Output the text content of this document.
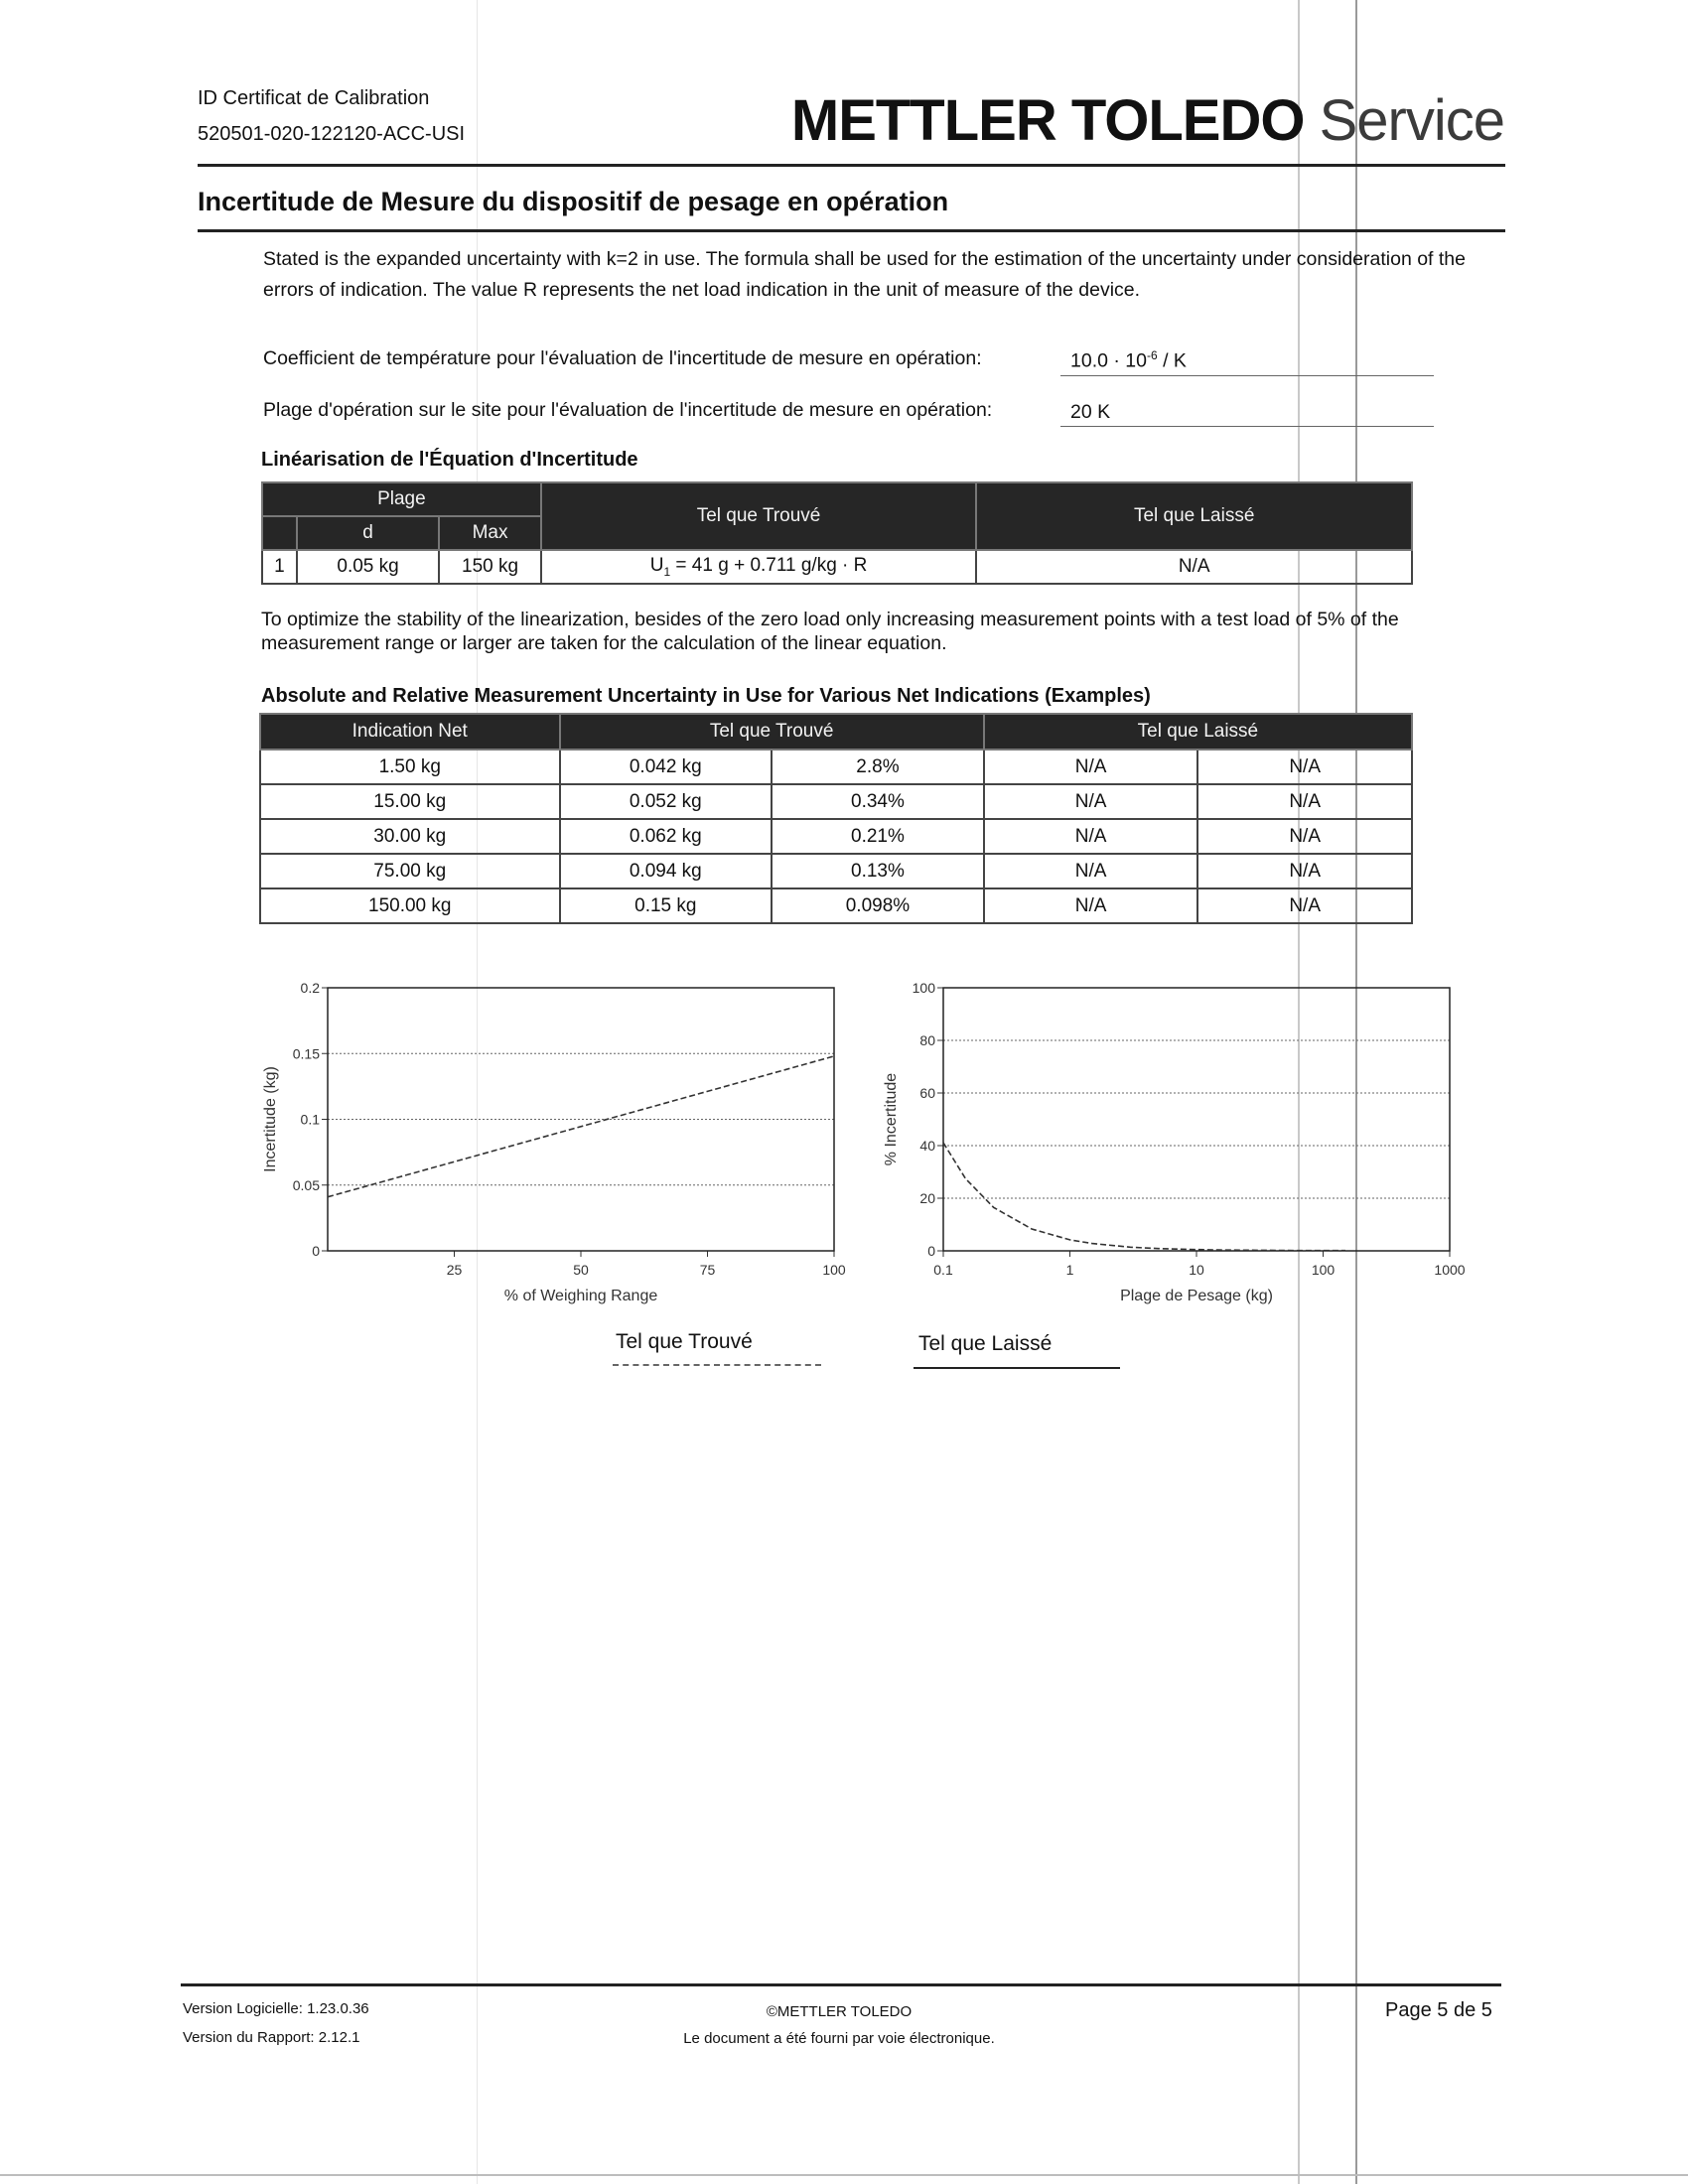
ID Certificat de Calibration
520501-020-122120-ACC-USI	METTLER TOLEDO Service
Incertitude de Mesure du dispositif de pesage en opération
Stated is the expanded uncertainty with k=2 in use. The formula shall be used for the estimation of the uncertainty under consideration of the errors of indication. The value R represents the net load indication in the unit of measure of the device.
Coefficient de température pour l'évaluation de l'incertitude de mesure en opération:	$10.0 \cdot 10^{-6} / K$
Plage d'opération sur le site pour l'évaluation de l'incertitude de mesure en opération:	20 K
Linéarisation de l'Équation d'Incertitude
Plage			Tel que Trouvé	Tel que Laissé
	d	Max		
1	0.05 kg	150 kg	$U_1 = 41$ g + 0.711 g/kg · R	N/A
To optimize the stability of the linearization, besides of the zero load only increasing measurement points with a test load of 5% of the measurement range or larger are taken for the calculation of the linear equation.
Absolute and Relative Measurement Uncertainty in Use for Various Net Indications (Examples)
Indication Net	Tel que Trouvé		Tel que Laissé	
1.50 kg	0.042 kg	2.8%	N/A	N/A
15.00 kg	0.052 kg	0.34%	N/A	N/A
30.00 kg	0.062 kg	0.21%	N/A	N/A
75.00 kg	0.094 kg	0.13%	N/A	N/A
150.00 kg	0.15 kg	0.098%	N/A	N/A
0
0.05
0.1
0.15
0.2
25	50	75	100
% of Weighing Range
Incertitude (kg)
0
20
40
60
80
100
0.1	1	10	100	1000
Plage de Pesage (kg)
% Incertitude
Tel que Trouvé	Tel que Laissé
Version Logicielle: 1.23.0.36
Version du Rapport: 2.12.1
©METTLER TOLEDO
Le document a été fourni par voie électronique.
Page 5 de 5
